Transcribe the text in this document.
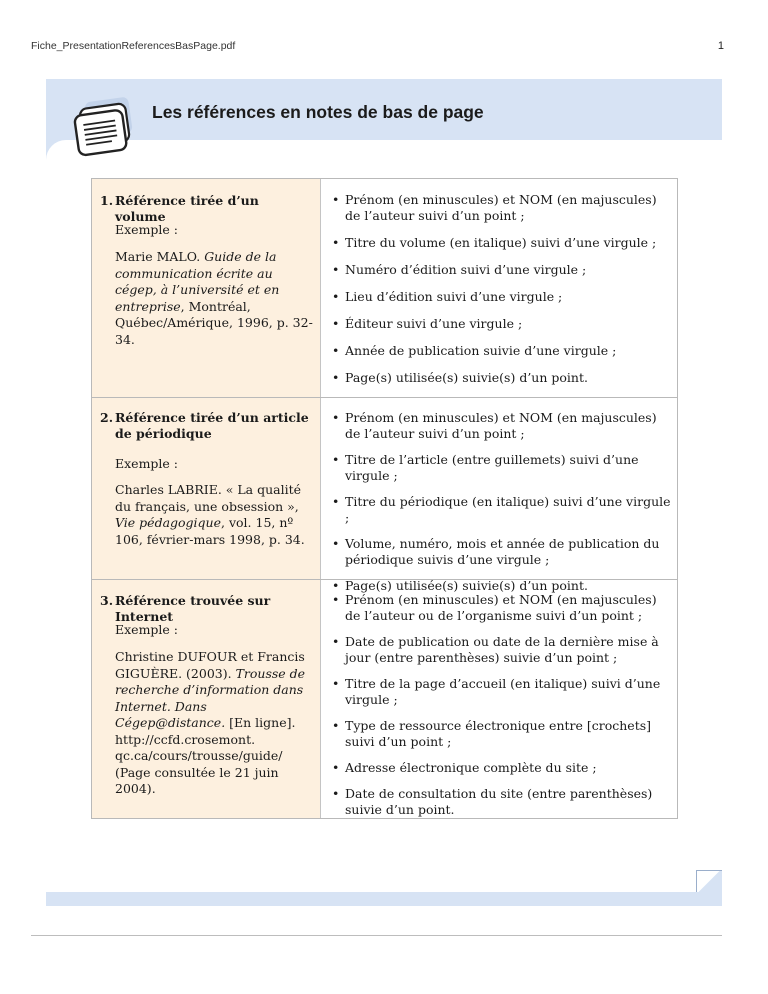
Fiche_PresentationReferencesBasPage.pdf	1
Les références en notes de bas de page
1. Référence tirée d’un volume
Exemple :
Marie MALO. Guide de la communication écrite au cégep, à l’université et en entreprise, Montréal, Québec/Amérique, 1996, p. 32-34.
• Prénom (en minuscules) et NOM (en majuscules) de l’auteur suivi d’un point ;
• Titre du volume (en italique) suivi d’une virgule ;
• Numéro d’édition suivi d’une virgule ;
• Lieu d’édition suivi d’une virgule ;
• Éditeur suivi d’une virgule ;
• Année de publication suivie d’une virgule ;
• Page(s) utilisée(s) suivie(s) d’un point.
2. Référence tirée d’un article de périodique
Exemple :
Charles LABRIE. « La qualité du français, une obsession », Vie pédagogique, vol. 15, nº 106, février-mars 1998, p. 34.
• Prénom (en minuscules) et NOM (en majuscules) de l’auteur suivi d’un point ;
• Titre de l’article (entre guillemets) suivi d’une virgule ;
• Titre du périodique (en italique) suivi d’une virgule ;
• Volume, numéro, mois et année de publication du périodique suivis d’une virgule ;
• Page(s) utilisée(s) suivie(s) d’un point.
3. Référence trouvée sur Internet
Exemple :
Christine DUFOUR et Francis GIGUÈRE. (2003). Trousse de recherche d’information dans Internet. Dans Cégep@distance. [En ligne]. http://ccfd.crosemont. qc.ca/cours/trousse/guide/ (Page consultée le 21 juin 2004).
• Prénom (en minuscules) et NOM (en majuscules) de l’auteur ou de l’organisme suivi d’un point ;
• Date de publication ou date de la dernière mise à jour (entre parenthèses) suivie d’un point ;
• Titre de la page d’accueil (en italique) suivi d’une virgule ;
• Type de ressource électronique entre [crochets] suivi d’un point ;
• Adresse électronique complète du site ;
• Date de consultation du site (entre parenthèses) suivie d’un point.
